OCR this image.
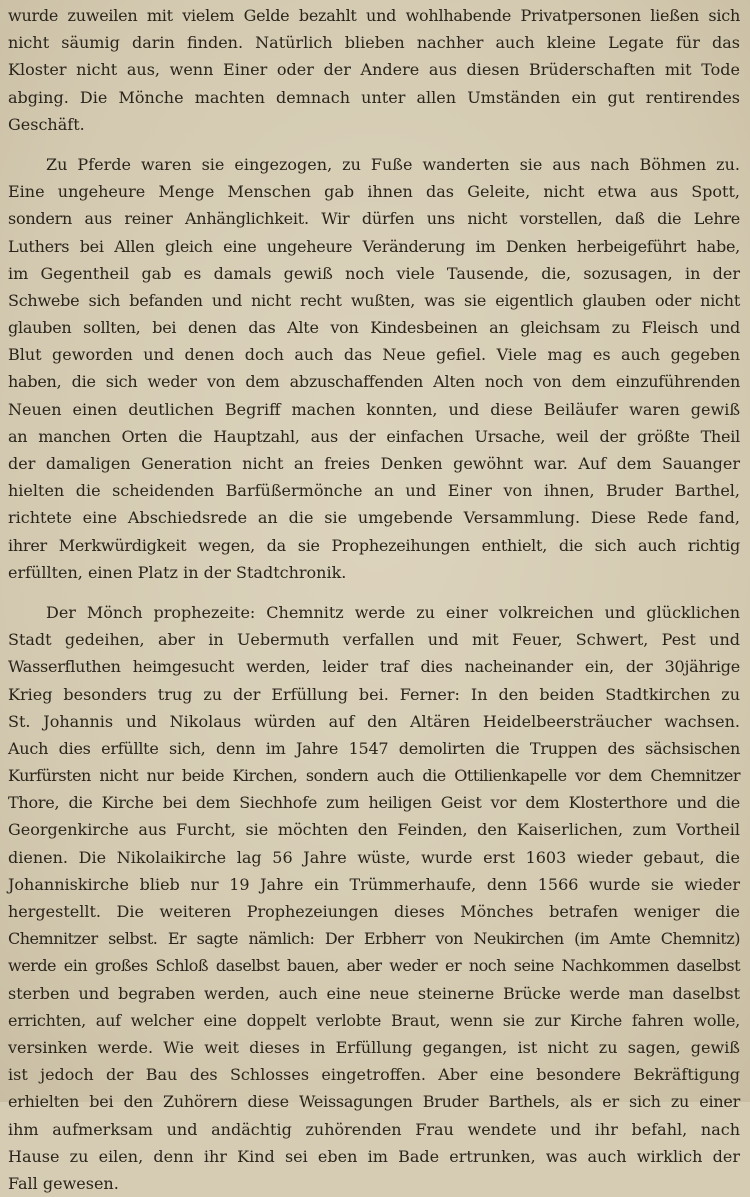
wurde zuweilen mit vielem Gelde bezahlt und wohlhabende Privatpersonen ließen sich
nicht säumig darin finden. Natürlich blieben nachher auch kleine Legate für das
Kloster nicht aus, wenn Einer oder der Andere aus diesen Brüderschaften mit Tode
abging. Die Mönche machten demnach unter allen Umständen ein gut rentirendes
Geschäft.
Zu Pferde waren sie eingezogen, zu Fuße wanderten sie aus nach Böhmen zu.
Eine ungeheure Menge Menschen gab ihnen das Geleite, nicht etwa aus Spott,
sondern aus reiner Anhänglichkeit. Wir dürfen uns nicht vorstellen, daß die Lehre
Luthers bei Allen gleich eine ungeheure Veränderung im Denken herbeigeführt habe,
im Gegentheil gab es damals gewiß noch viele Tausende, die, sozusagen, in der
Schwebe sich befanden und nicht recht wußten, was sie eigentlich glauben oder nicht
glauben sollten, bei denen das Alte von Kindesbeinen an gleichsam zu Fleisch und
Blut geworden und denen doch auch das Neue gefiel. Viele mag es auch gegeben
haben, die sich weder von dem abzuschaffenden Alten noch von dem einzuführenden
Neuen einen deutlichen Begriff machen konnten, und diese Beiläufer waren gewiß
an manchen Orten die Hauptzahl, aus der einfachen Ursache, weil der größte Theil
der damaligen Generation nicht an freies Denken gewöhnt war. Auf dem Sauanger
hielten die scheidenden Barfüßermönche an und Einer von ihnen, Bruder Barthel,
richtete eine Abschiedsrede an die sie umgebende Versammlung. Diese Rede fand,
ihrer Merkwürdigkeit wegen, da sie Prophezeihungen enthielt, die sich auch richtig
erfüllten, einen Platz in der Stadtchronik.
Der Mönch prophezeite: Chemnitz werde zu einer volkreichen und glücklichen
Stadt gedeihen, aber in Uebermuth verfallen und mit Feuer, Schwert, Pest und
Wasserfluthen heimgesucht werden, leider traf dies nacheinander ein, der 30jährige
Krieg besonders trug zu der Erfüllung bei. Ferner: In den beiden Stadtkirchen zu
St. Johannis und Nikolaus würden auf den Altären Heidelbeersträucher wachsen.
Auch dies erfüllte sich, denn im Jahre 1547 demolirten die Truppen des sächsischen
Kurfürsten nicht nur beide Kirchen, sondern auch die Ottilienkapelle vor dem Chemnitzer
Thore, die Kirche bei dem Siechhofe zum heiligen Geist vor dem Klosterthore und die
Georgenkirche aus Furcht, sie möchten den Feinden, den Kaiserlichen, zum Vortheil
dienen. Die Nikolaikirche lag 56 Jahre wüste, wurde erst 1603 wieder gebaut, die
Johanniskirche blieb nur 19 Jahre ein Trümmerhaufe, denn 1566 wurde sie wieder
hergestellt. Die weiteren Prophezeiungen dieses Mönches betrafen weniger die
Chemnitzer selbst. Er sagte nämlich: Der Erbherr von Neukirchen (im Amte Chemnitz)
werde ein großes Schloß daselbst bauen, aber weder er noch seine Nachkommen daselbst
sterben und begraben werden, auch eine neue steinerne Brücke werde man daselbst
errichten, auf welcher eine doppelt verlobte Braut, wenn sie zur Kirche fahren wolle,
versinken werde. Wie weit dieses in Erfüllung gegangen, ist nicht zu sagen, gewiß
ist jedoch der Bau des Schlosses eingetroffen. Aber eine besondere Bekräftigung
erhielten bei den Zuhörern diese Weissagungen Bruder Barthels, als er sich zu einer
ihm aufmerksam und andächtig zuhörenden Frau wendete und ihr befahl, nach
Hause zu eilen, denn ihr Kind sei eben im Bade ertrunken, was auch wirklich der
Fall gewesen.
